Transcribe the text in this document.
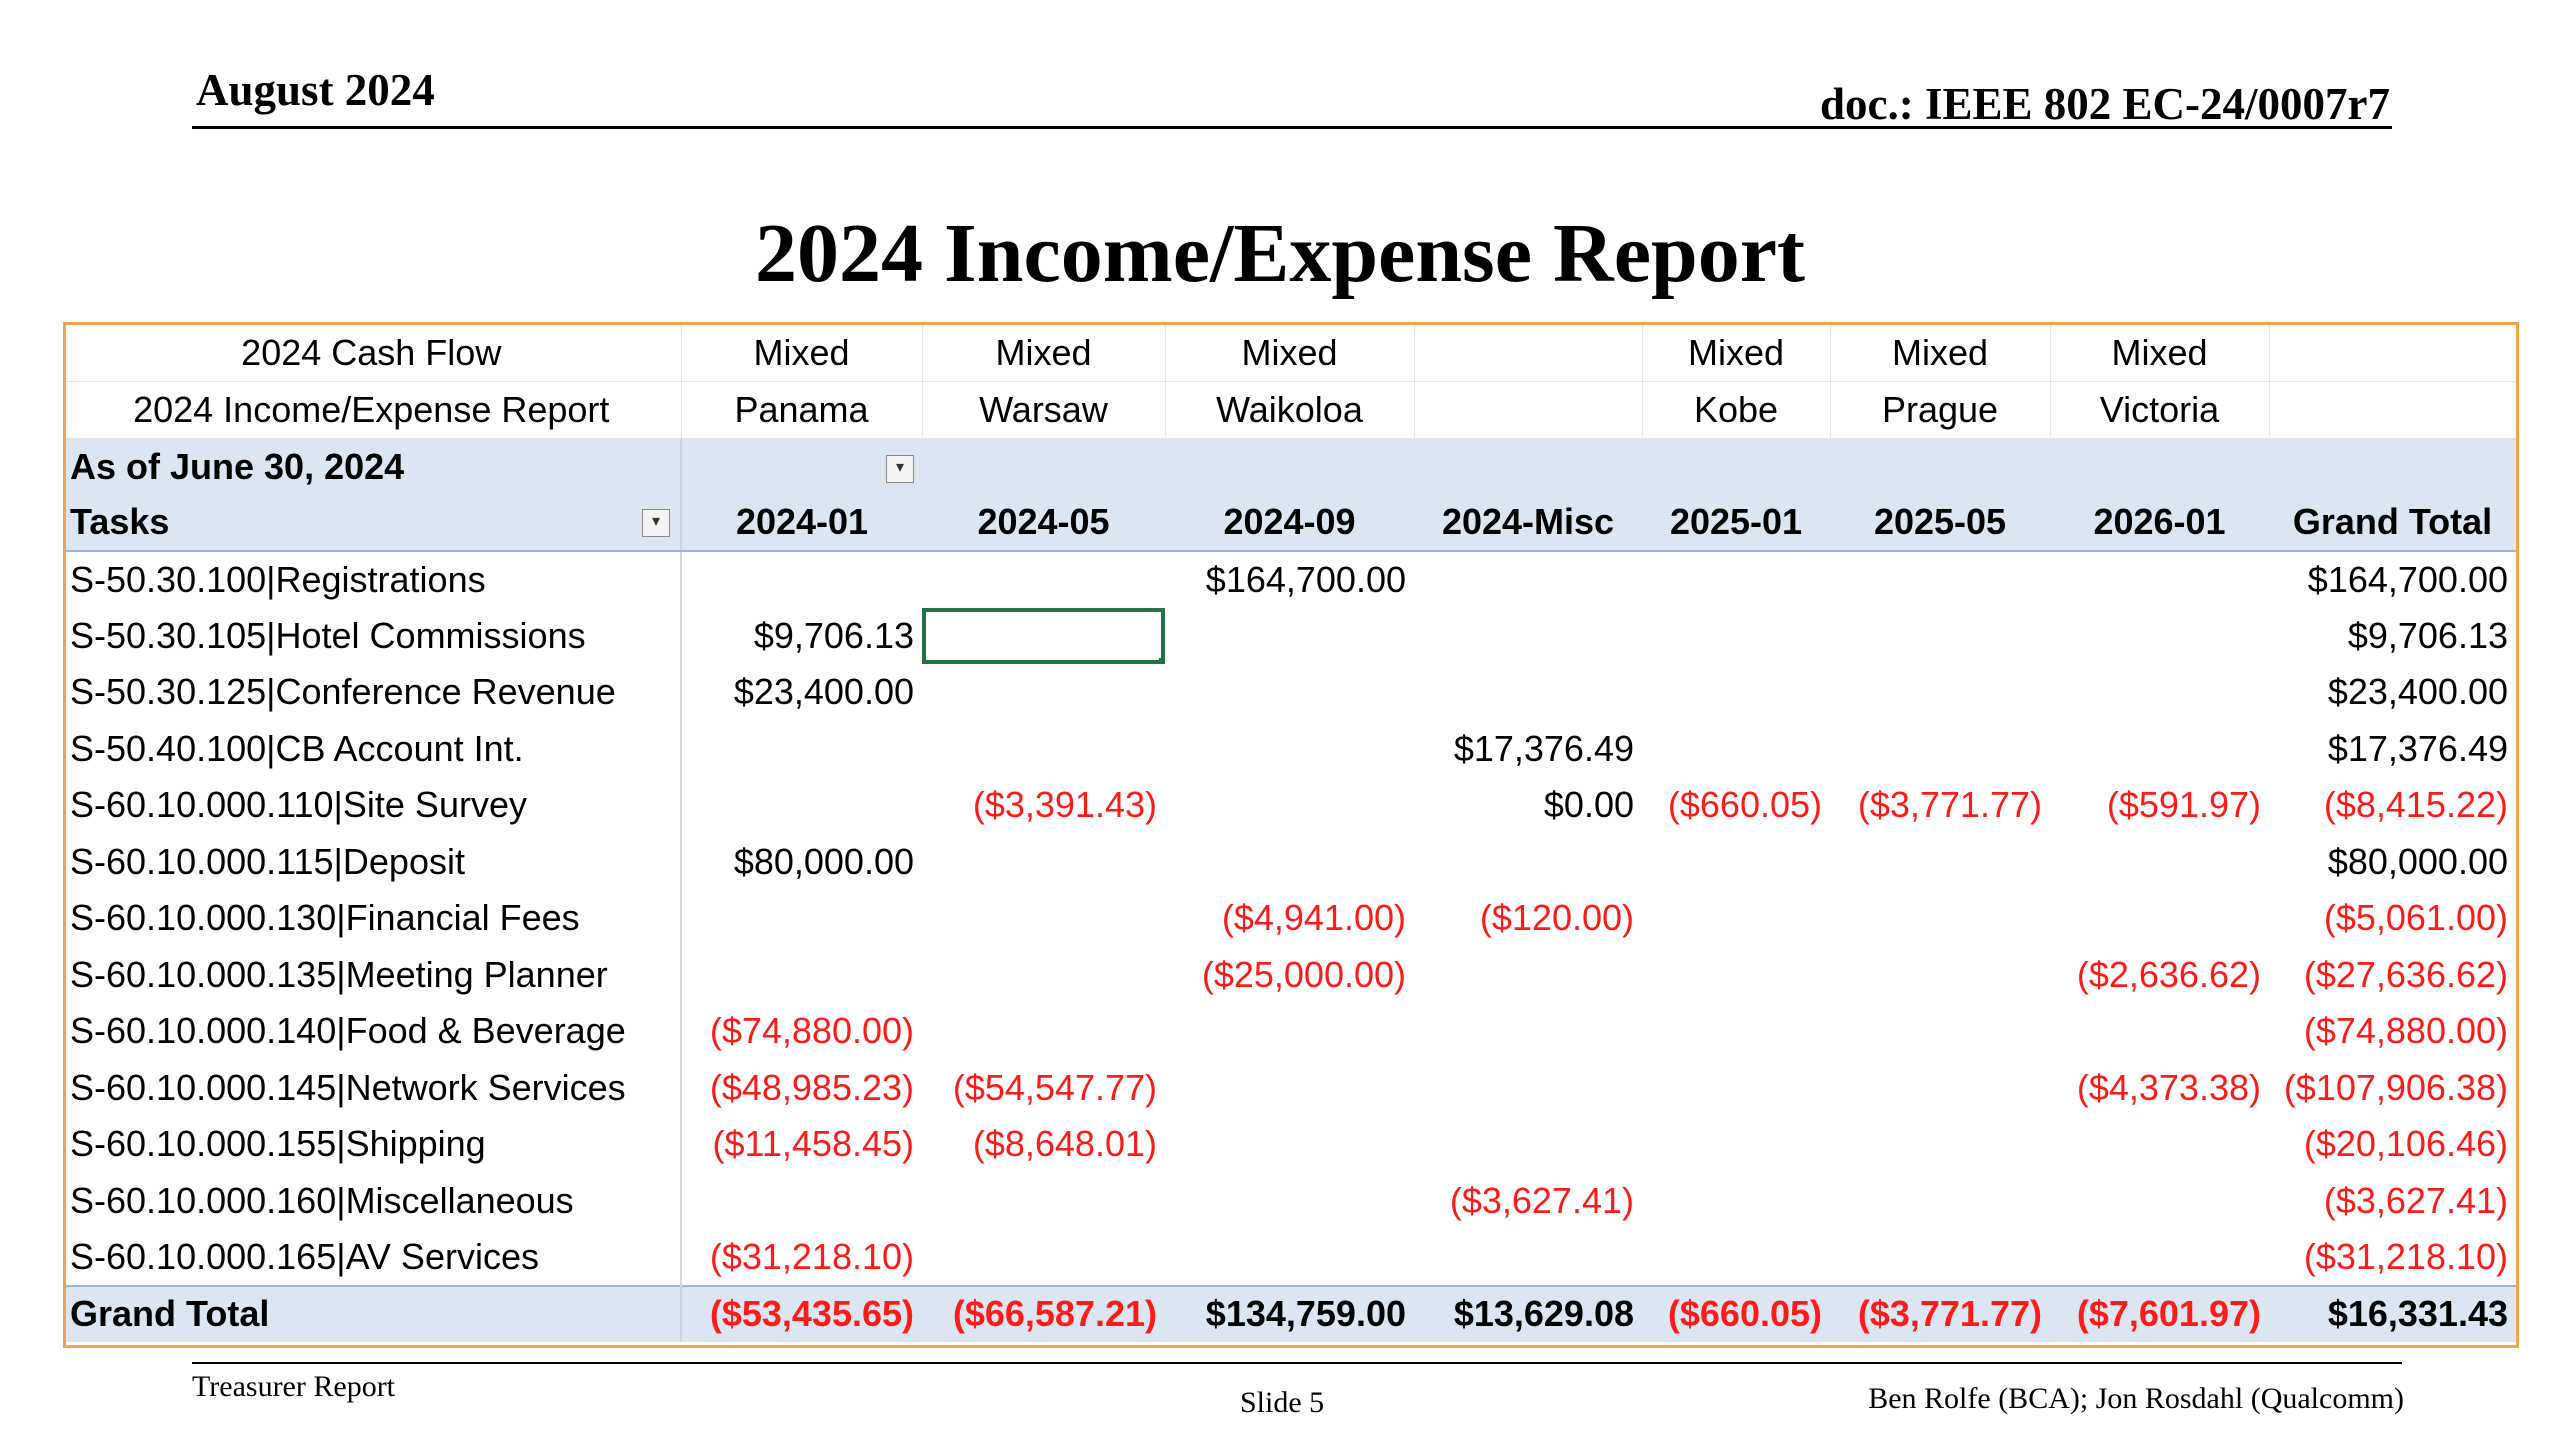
August 2024	doc.: IEEE 802 EC-24/0007r7
2024 Income/Expense Report
2024 Cash Flow	Mixed	Mixed	Mixed		Mixed	Mixed	Mixed	
2024 Income/Expense Report	Panama	Warsaw	Waikoloa		Kobe	Prague	Victoria	
As of June 30, 2024	▾							
Tasks ▾	2024-01	2024-05	2024-09	2024-Misc	2025-01	2025-05	2026-01	Grand Total
S-50.30.100|Registrations			$164,700.00					$164,700.00
S-50.30.105|Hotel Commissions	$9,706.13							$9,706.13
S-50.30.125|Conference Revenue	$23,400.00							$23,400.00
S-50.40.100|CB Account Int.				$17,376.49				$17,376.49
S-60.10.000.110|Site Survey		($3,391.43)		$0.00	($660.05)	($3,771.77)	($591.97)	($8,415.22)
S-60.10.000.115|Deposit	$80,000.00							$80,000.00
S-60.10.000.130|Financial Fees			($4,941.00)	($120.00)				($5,061.00)
S-60.10.000.135|Meeting Planner			($25,000.00)				($2,636.62)	($27,636.62)
S-60.10.000.140|Food & Beverage	($74,880.00)							($74,880.00)
S-60.10.000.145|Network Services	($48,985.23)	($54,547.77)					($4,373.38)	($107,906.38)
S-60.10.000.155|Shipping	($11,458.45)	($8,648.01)						($20,106.46)
S-60.10.000.160|Miscellaneous				($3,627.41)				($3,627.41)
S-60.10.000.165|AV Services	($31,218.10)							($31,218.10)
Grand Total	($53,435.65)	($66,587.21)	$134,759.00	$13,629.08	($660.05)	($3,771.77)	($7,601.97)	$16,331.43
Treasurer Report	Slide 5	Ben Rolfe (BCA); Jon Rosdahl (Qualcomm)
